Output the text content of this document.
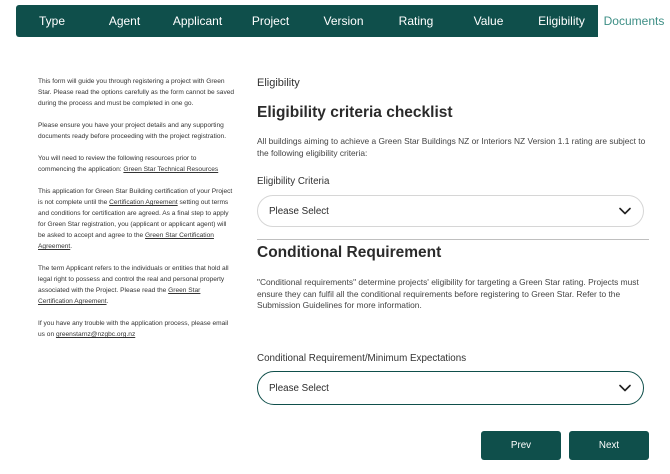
Type	Agent	Applicant	Project	Version	Rating	Value	Eligibility	Documents

This form will guide you through registering a project with Green Star. Please read the options carefully as the form cannot be saved during the process and must be completed in one go.

Please ensure you have your project details and any supporting documents ready before proceeding with the project registration.

You will need to review the following resources prior to commencing the application: Green Star Technical Resources

This application for Green Star Building certification of your Project is not complete until the Certification Agreement setting out terms and conditions for certification are agreed. As a final step to apply for Green Star registration, you (applicant or applicant agent) will be asked to accept and agree to the Green Star Certification Agreement.

The term Applicant refers to the individuals or entities that hold all legal right to possess and control the real and personal property associated with the Project. Please read the Green Star Certification Agreement.

If you have any trouble with the application process, please email us on greenstarnz@nzgbc.org.nz

Eligibility
Eligibility criteria checklist
All buildings aiming to achieve a Green Star Buildings NZ or Interiors NZ Version 1.1 rating are subject to the following eligibility criteria:
Eligibility Criteria
Please Select
Conditional Requirement
"Conditional requirements" determine projects' eligibility for targeting a Green Star rating. Projects must ensure they can fulfil all the conditional requirements before registering to Green Star. Refer to the Submission Guidelines for more information.
Conditional Requirement/Minimum Expectations
Please Select
Prev	Next
